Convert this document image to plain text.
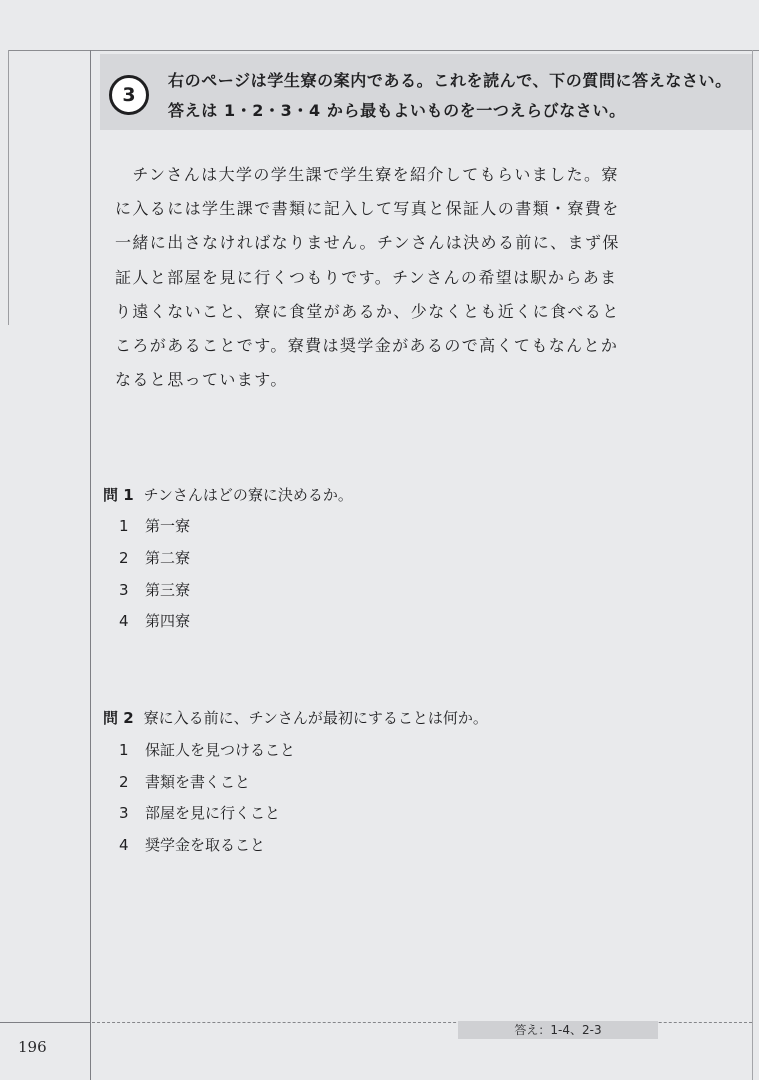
3
右のページは学生寮の案内である。これを読んで、下の質問に答えなさい。
答えは 1・2・3・4 から最もよいものを一つえらびなさい。
　チンさんは大学の学生課で学生寮を紹介してもらいました。寮
に入るには学生課で書類に記入して写真と保証人の書類・寮費を
一緒に出さなければなりません。チンさんは決める前に、まず保
証人と部屋を見に行くつもりです。チンさんの希望は駅からあま
り遠くないこと、寮に食堂があるか、少なくとも近くに食べると
ころがあることです。寮費は奨学金があるので高くてもなんとか
なると思っています。
問 1 チンさんはどの寮に決めるか。
1 第一寮
2 第二寮
3 第三寮
4 第四寮
問 2 寮に入る前に、チンさんが最初にすることは何か。
1 保証人を見つけること
2 書類を書くこと
3 部屋を見に行くこと
4 奨学金を取ること
196
答え：1-4、2-3
